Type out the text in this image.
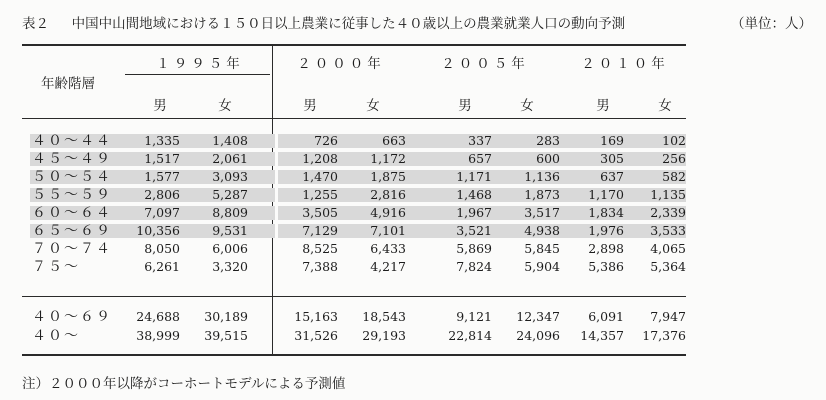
表２ 中国中山間地域における１５０日以上農業に従事した４０歳以上の農業就業人口の動向予測	（単位：人）
年齢階層
１９９５年	２０００年	２００５年	２０１０年
男	女	男	女	男	女	男	女
４０～４４	1,335	1,408	726	663	337	283	169	102
４５～４９	1,517	2,061	1,208	1,172	657	600	305	256
５０～５４	1,577	3,093	1,470	1,875	1,171	1,136	637	582
５５～５９	2,806	5,287	1,255	2,816	1,468	1,873	1,170	1,135
６０～６４	7,097	8,809	3,505	4,916	1,967	3,517	1,834	2,339
６５～６９	10,356	9,531	7,129	7,101	3,521	4,938	1,976	3,533
７０～７４	8,050	6,006	8,525	6,433	5,869	5,845	2,898	4,065
７５～	6,261	3,320	7,388	4,217	7,824	5,904	5,386	5,364
４０～６９	24,688	30,189	15,163	18,543	9,121	12,347	6,091	7,947
４０～	38,999	39,515	31,526	29,193	22,814	24,096	14,357	17,376
注）２０００年以降がコーホートモデルによる予測値
